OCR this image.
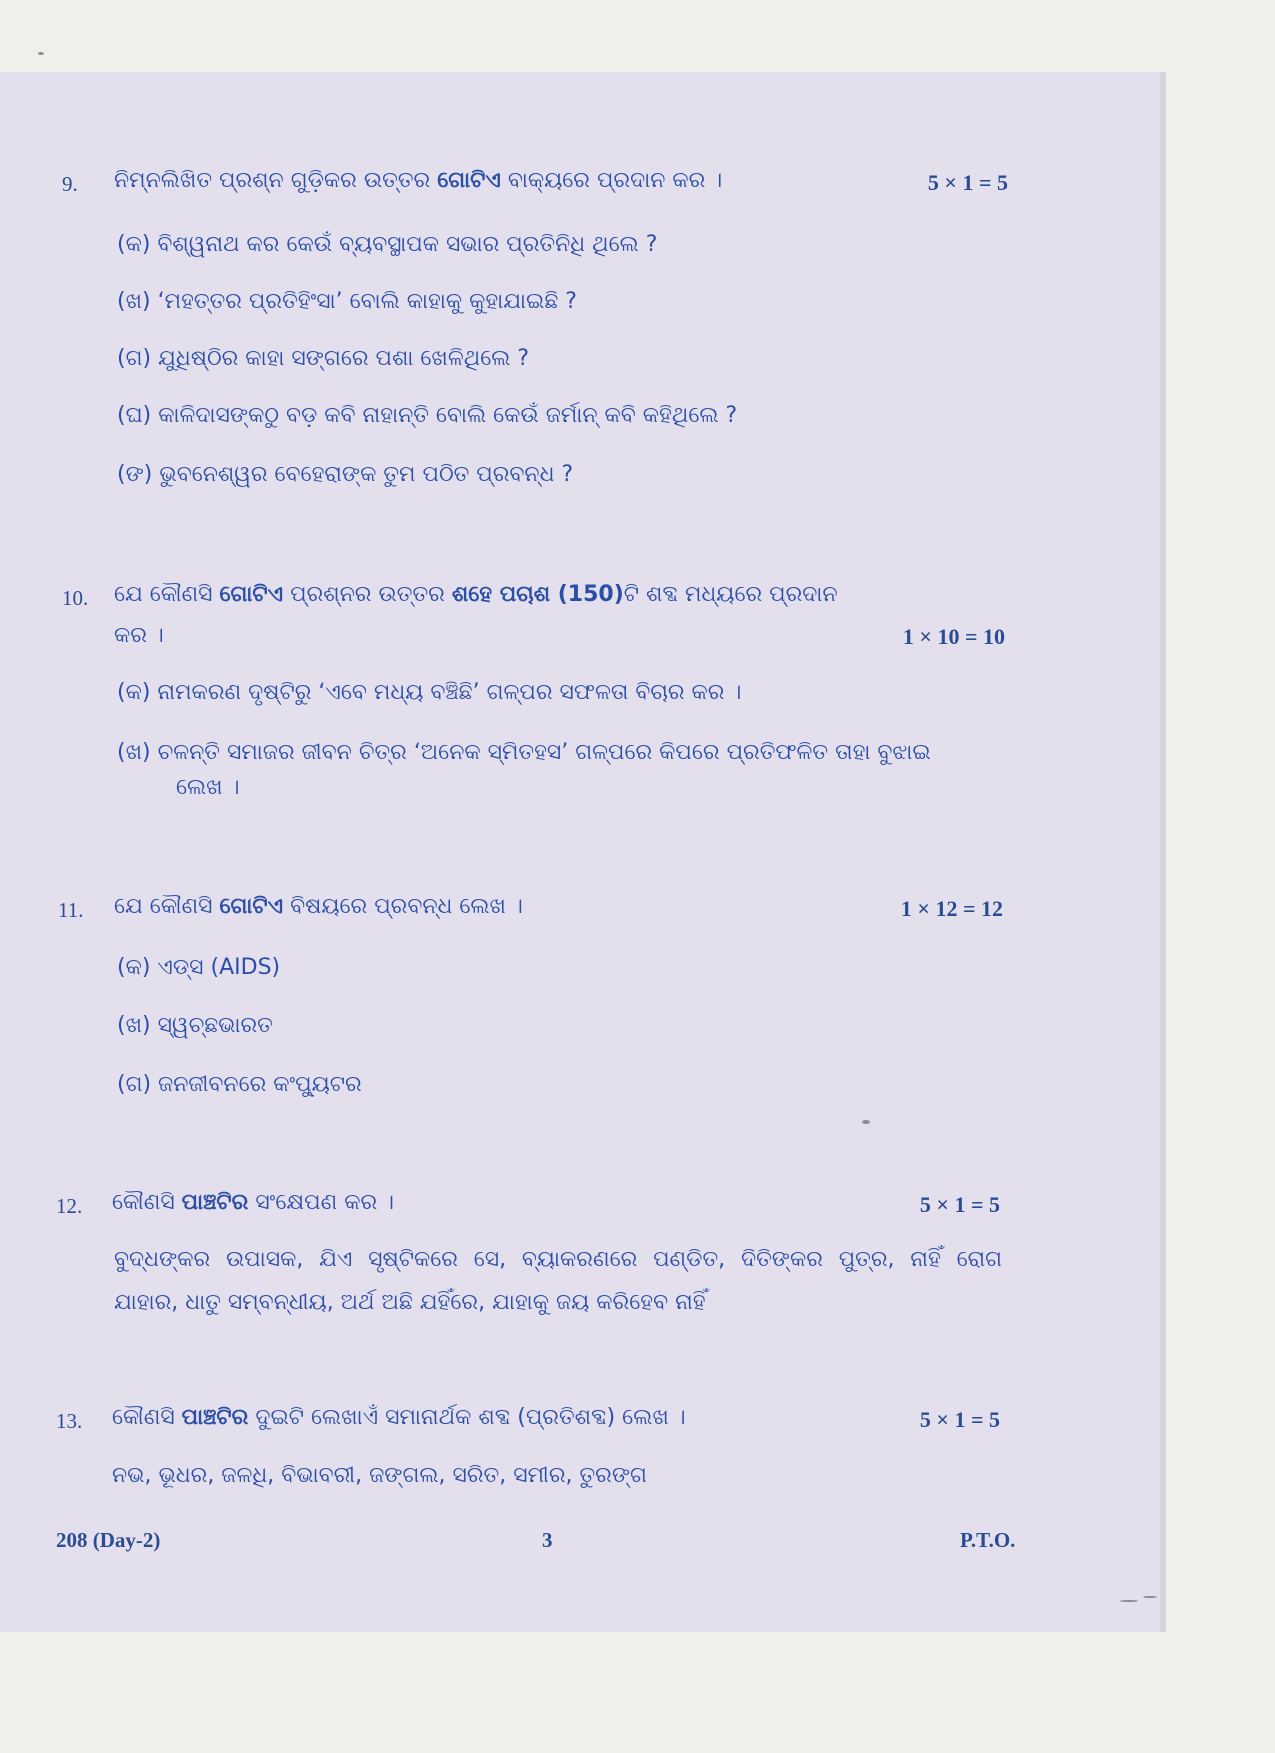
9. ନିମ୍ନଲିଖିତ ପ୍ରଶ୍ନ ଗୁଡ଼ିକର ଉତ୍ତର ଗୋଟିଏ ବାକ୍ୟରେ ପ୍ରଦାନ କର ।	5 × 1 = 5
(କ) ବିଶ୍ୱନାଥ କର କେଉଁ ବ୍ୟବସ୍ଥାପକ ସଭାର ପ୍ରତିନିଧି ଥିଲେ ?
(ଖ) ‘ମହତ୍ତର ପ୍ରତିହିଂସା’ ବୋଲି କାହାକୁ କୁହାଯାଇଛି ?
(ଗ) ଯୁଧିଷ୍ଠିର କାହା ସଙ୍ଗରେ ପଶା ଖେଳିଥିଲେ ?
(ଘ) କାଳିଦାସଙ୍କଠୁ ବଡ଼ କବି ନାହାନ୍ତି ବୋଲି କେଉଁ ଜର୍ମାନ୍ କବି କହିଥିଲେ ?
(ଙ) ଭୁବନେଶ୍ୱର ବେହେରାଙ୍କ ତୁମ ପଠିତ ପ୍ରବନ୍ଧ ?
10. ଯେ କୌଣସି ଗୋଟିଏ ପ୍ରଶ୍ନର ଉତ୍ତର ଶହେ ପଚାଶ (150)ଟି ଶବ୍ଦ ମଧ୍ୟରେ ପ୍ରଦାନ
କର ।	1 × 10 = 10
(କ) ନାମକରଣ ଦୃଷ୍ଟିରୁ ‘ଏବେ ମଧ୍ୟ ବଞ୍ଚିଛି’ ଗଳ୍ପର ସଫଳତା ବିଚାର କର ।
(ଖ) ଚଳନ୍ତି ସମାଜର ଜୀବନ ଚିତ୍ର ‘ଅନେକ ସ୍ମିତହସ’ ଗଳ୍ପରେ କିପରେ ପ୍ରତିଫଳିତ ତାହା ବୁଝାଇ
ଲେଖ ।
11. ଯେ କୌଣସି ଗୋଟିଏ ବିଷୟରେ ପ୍ରବନ୍ଧ ଲେଖ ।	1 × 12 = 12
(କ) ଏଡ୍ସ (AIDS)
(ଖ) ସ୍ୱଚ୍ଛଭାରତ
(ଗ) ଜନଜୀବନରେ କଂପ୍ୟୁଟର
12. କୌଣସି ପାଞ୍ଚଟିର ସଂକ୍ଷେପଣ କର ।	5 × 1 = 5
ବୁଦ୍ଧଙ୍କର ଉପାସକ, ଯିଏ ସୃଷ୍ଟିକରେ ସେ, ବ୍ୟାକରଣରେ ପଣ୍ଡିତ, ଦିତିଙ୍କର ପୁତ୍ର, ନାହିଁ ରୋଗ
ଯାହାର, ଧାତୁ ସମ୍ବନ୍ଧୀୟ, ଅର୍ଥ ଅଛି ଯହିଁରେ, ଯାହାକୁ ଜୟ କରିହେବ ନାହିଁ
13. କୌଣସି ପାଞ୍ଚଟିର ଦୁଇଟି ଲେଖାଏଁ ସମାନାର୍ଥକ ଶବ୍ଦ (ପ୍ରତିଶବ୍ଦ) ଲେଖ ।	5 × 1 = 5
ନଭ, ଭୂଧର, ଜଳଧି, ବିଭାବରୀ, ଜଙ୍ଗଲ, ସରିତ, ସମୀର, ତୁରଙ୍ଗ
208 (Day-2)	3	P.T.O.
